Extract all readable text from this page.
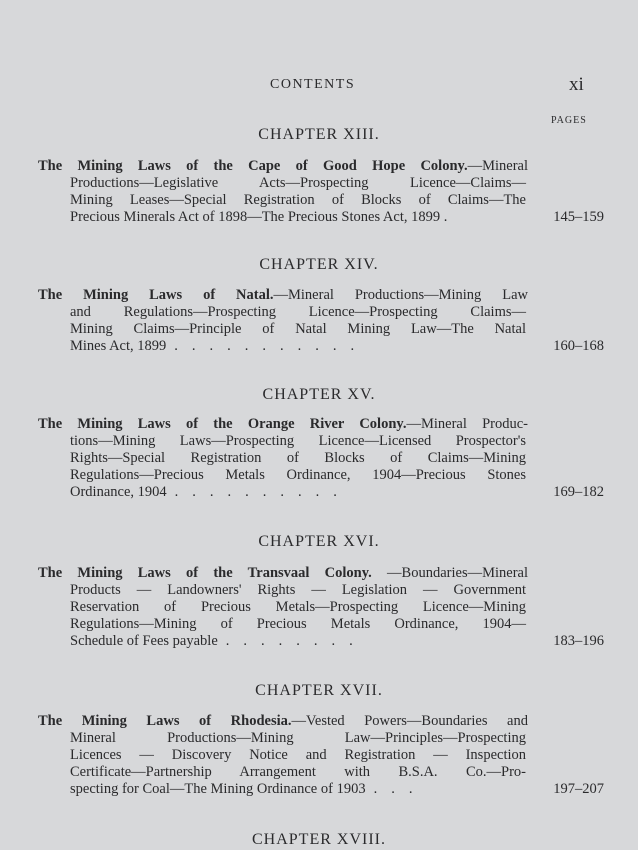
CONTENTS	xi
PAGES
CHAPTER XIII.
The Mining Laws of the Cape of Good Hope Colony.—Mineral
Productions—Legislative Acts—Prospecting Licence—Claims—
Mining Leases—Special Registration of Blocks of Claims—The
Precious Minerals Act of 1898—The Precious Stones Act, 1899 .	145–159
CHAPTER XIV.
The Mining Laws of Natal.—Mineral Productions—Mining Law
and Regulations—Prospecting Licence—Prospecting Claims—
Mining Claims—Principle of Natal Mining Law—The Natal
Mines Act, 1899 ...........	160–168
CHAPTER XV.
The Mining Laws of the Orange River Colony.—Mineral Produc-
tions—Mining Laws—Prospecting Licence—Licensed Prospector's
Rights—Special Registration of Blocks of Claims—Mining
Regulations—Precious Metals Ordinance, 1904—Precious Stones
Ordinance, 1904 ..........	169–182
CHAPTER XVI.
The Mining Laws of the Transvaal Colony. —Boundaries—Mineral
Products — Landowners' Rights — Legislation — Government
Reservation of Precious Metals—Prospecting Licence—Mining
Regulations—Mining of Precious Metals Ordinance, 1904—
Schedule of Fees payable ........	183–196
CHAPTER XVII.
The Mining Laws of Rhodesia.—Vested Powers—Boundaries and
Mineral Productions—Mining Law—Principles—Prospecting
Licences — Discovery Notice and Registration — Inspection
Certificate—Partnership Arrangement with B.S.A. Co.—Pro-
specting for Coal—The Mining Ordinance of 1903 ...	197–207
CHAPTER XVIII.
